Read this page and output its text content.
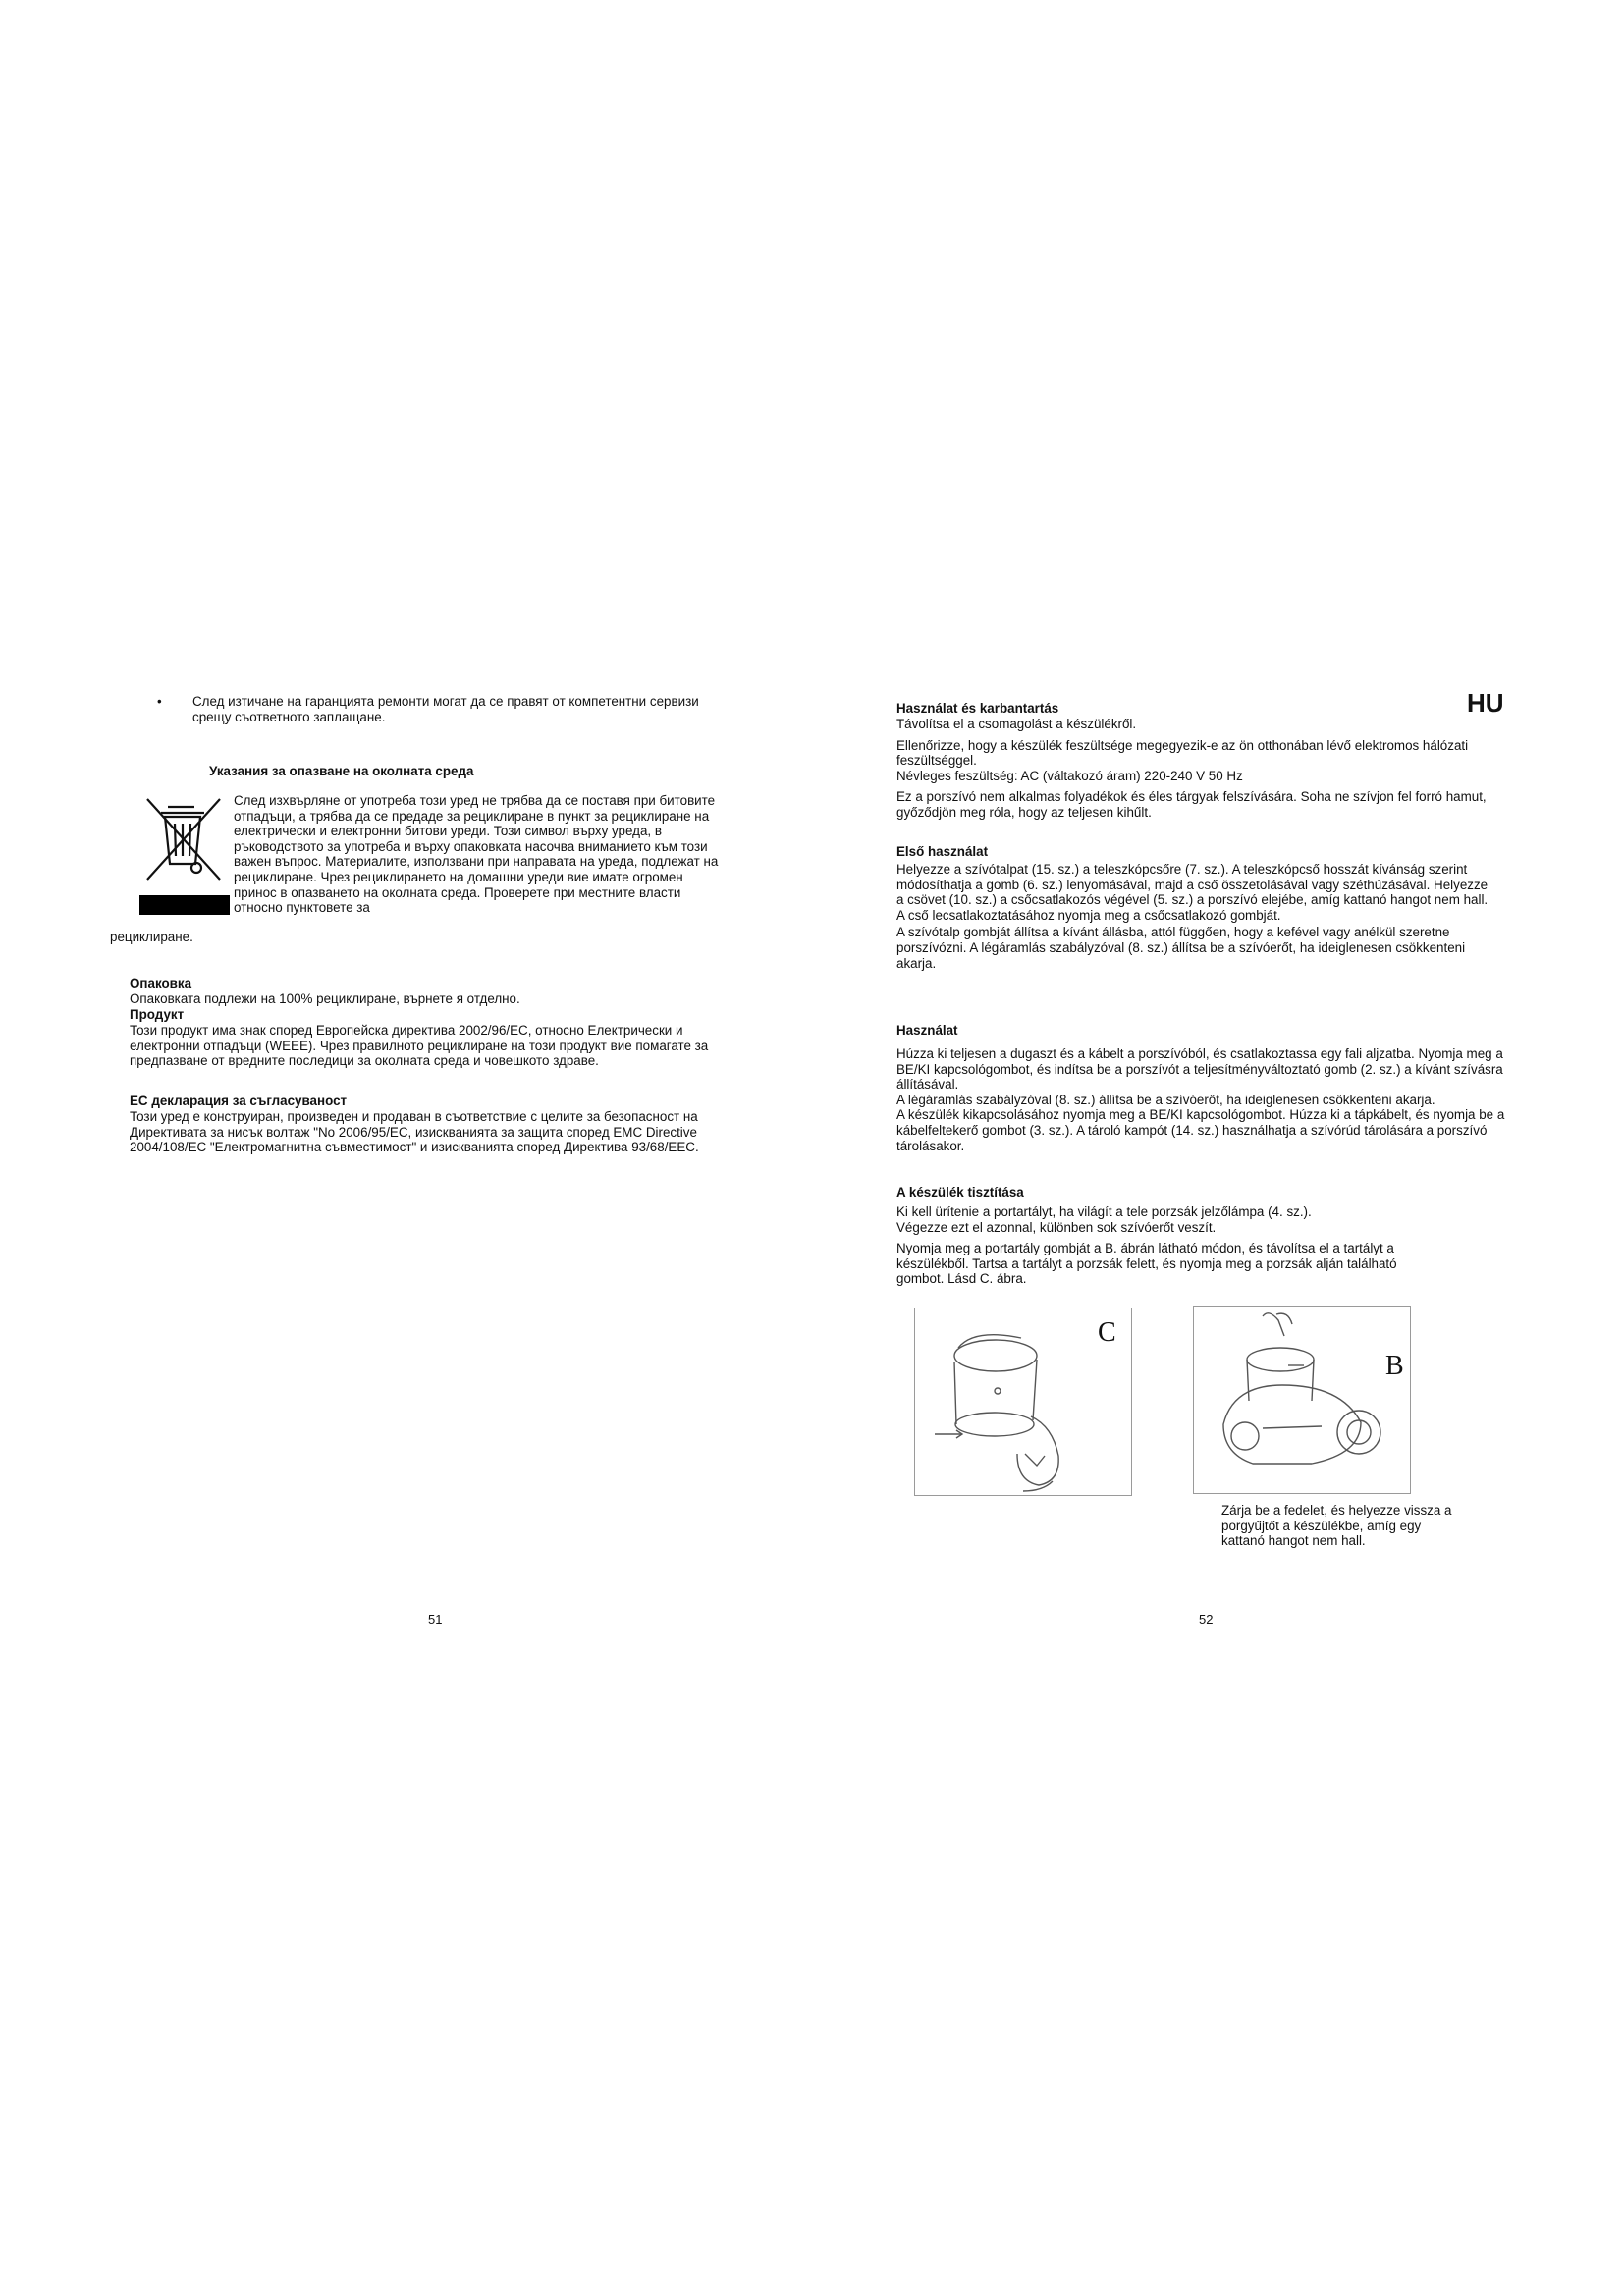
• След изтичане на гаранцията ремонти могат да се правят от компетентни сервизи срещу съответното заплащане.

Указания за опазване на околната среда

След изхвърляне от употреба този уред не трябва да се поставя при битовите отпадъци, а трябва да се предаде за рециклиране в пункт за рециклиране на електрически и електронни битови уреди. Този символ върху уреда, в ръководството за употреба и върху опаковката насочва вниманието към този важен въпрос. Материалите, използвани при направата на уреда, подлежат на рециклиране. Чрез рециклирането на домашни уреди вие имате огромен принос в опазването на околната среда. Проверете при местните власти относно пунктовете за

рециклиране.

Опаковка

Опаковката подлежи на 100% рециклиране, върнете я отделно.

Продукт

Този продукт има знак според Европейска директива 2002/96/ЕС, относно Електрически и електронни отпадъци (WEEE). Чрез правилното рециклиране на този продукт вие помагате за предпазване от вредните последици за околната среда и човешкото здраве.

ЕС декларация за съгласуваност

Този уред е конструиран, произведен и продаван в съответствие с целите за безопасност на Директивата за нисък волтаж "No 2006/95/EC, изискванията за защита според EMC Directive 2004/108/EC "Електромагнитна съвместимост" и изискванията според Директива 93/68/EEC.

51

HU

Használat és karbantartás

Távolítsa el a csomagolást a készülékről.

Ellenőrizze, hogy a készülék feszültsége megegyezik-e az ön otthonában lévő elektromos hálózati feszültséggel.

Névleges feszültség: AC (váltakozó áram) 220-240 V 50 Hz

Ez a porszívó nem alkalmas folyadékok és éles tárgyak felszívására. Soha ne szívjon fel forró hamut, győződjön meg róla, hogy az teljesen kihűlt.

Első használat

Helyezze a szívótalpat (15. sz.) a teleszkópcsőre (7. sz.). A teleszkópcső hosszát kívánság szerint módosíthatja a gomb (6. sz.) lenyomásával, majd a cső összetolásával vagy széthúzásával. Helyezze a csövet (10. sz.) a csőcsatlakozós végével (5. sz.) a porszívó elejébe, amíg kattanó hangot nem hall. A cső lecsatlakoztatásához nyomja meg a csőcsatlakozó gombját.

A szívótalp gombját állítsa a kívánt állásba, attól függően, hogy a kefével vagy anélkül szeretne porszívózni. A légáramlás szabályzóval (8. sz.) állítsa be a szívóerőt, ha ideiglenesen csökkenteni akarja.

Használat

Húzza ki teljesen a dugaszt és a kábelt a porszívóból, és csatlakoztassa egy fali aljzatba. Nyomja meg a BE/KI kapcsológombot, és indítsa be a porszívót a teljesítményváltoztató gomb (2. sz.) a kívánt szívásra állításával.

A légáramlás szabályzóval (8. sz.) állítsa be a szívóerőt, ha ideiglenesen csökkenteni akarja.

A készülék kikapcsolásához nyomja meg a BE/KI kapcsológombot. Húzza ki a tápkábelt, és nyomja be a kábelfeltekerő gombot (3. sz.). A tároló kampót (14. sz.) használhatja a szívórúd tárolására a porszívó tárolásakor.

A készülék tisztítása

Ki kell ürítenie a portartályt, ha világít a tele porzsák jelzőlámpa (4. sz.).

Végezze ezt el azonnal, különben sok szívóerőt veszít.

Nyomja meg a portartály gombját a B. ábrán látható módon, és távolítsa el a tartályt a készülékből. Tartsa a tartályt a porzsák felett, és nyomja meg a porzsák alján található gombot. Lásd C. ábra.

C
B

Zárja be a fedelet, és helyezze vissza a porgyűjtőt a készülékbe, amíg egy kattanó hangot nem hall.

52
